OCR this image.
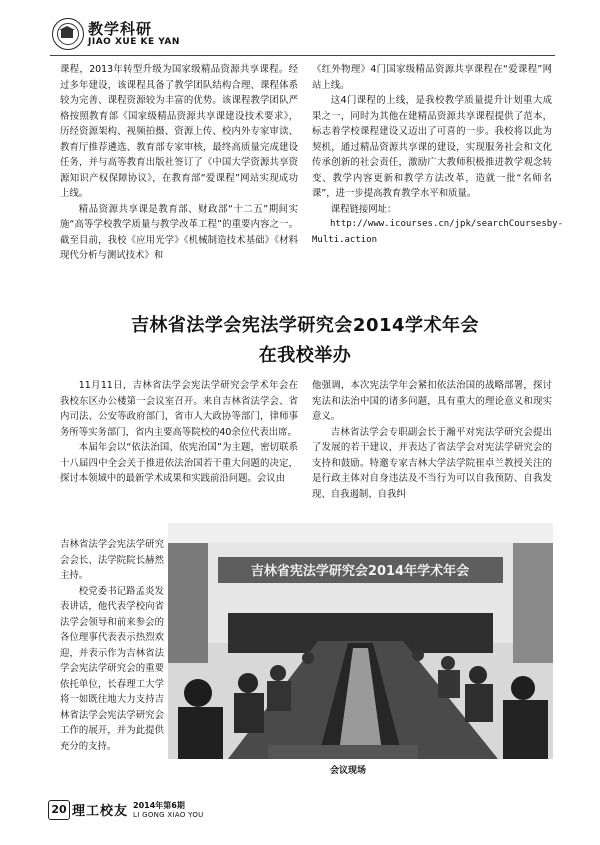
教学科研
JIAO XUE KE YAN

课程，2013年转型升级为国家级精品资源共享课程。经过多年建设，该课程具备了教学团队结构合理、课程体系较为完善、课程资源较为丰富的优势。该课程教学团队严格按照教育部《国家级精品资源共享课建设技术要求》，历经资源架构、视频拍摄、资源上传、校内外专家审读、教育厅推荐遴选、教育部专家审核，最终高质量完成建设任务，并与高等教育出版社签订了《中国大学资源共享资源知识产权保障协议》，在教育部“爱课程”网站实现成功上线。

精品资源共享课是教育部、财政部“十二五”期间实施“高等学校教学质量与教学改革工程”的重要内容之一。截至目前，我校《应用光学》《机械制造技术基础》《材料现代分析与测试技术》和

《红外物理》4门国家级精品资源共享课程在“爱课程”网站上线。

这4门课程的上线，是我校教学质量提升计划重大成果之一，同时为其他在建精品资源共享课程提供了范本，标志着学校课程建设又迈出了可喜的一步。我校将以此为契机，通过精品资源共享课的建设，实现服务社会和文化传承创新的社会责任，激励广大教师积极推进教学观念转变、教学内容更新和教学方法改革，造就一批“名师名课”，进一步提高教育教学水平和质量。

课程链接网址：

http://www.icourses.cn/jpk/searchCoursesby-Multi.action

吉林省法学会宪法学研究会2014学术年会
在我校举办

11月11日，吉林省法学会宪法学研究会学术年会在我校东区办公楼第一会议室召开。来自吉林省法学会、省内司法、公安等政府部门，省市人大政协等部门，律师事务所等实务部门，省内主要高等院校的40余位代表出席。

本届年会以“依法治国、依宪治国”为主题，密切联系十八届四中全会关于推进依法治国若干重大问题的决定，探讨本领域中的最新学术成果和实践前沿问题。会议由

吉林省法学会宪法学研究会会长、法学院院长赫然主持。

校党委书记路孟炎发表讲话，他代表学校向省法学会领导和前来参会的各位理事代表表示热烈欢迎，并表示作为吉林省法学会宪法学研究会的重要依托单位，长春理工大学将一如既往地大力支持吉林省法学会宪法学研究会工作的展开，并为此提供充分的支持。

他强调，本次宪法学年会紧扣依法治国的战略部署，探讨宪法和法治中国的诸多问题，具有重大的理论意义和现实意义。

吉林省法学会专职副会长于瀚平对宪法学研究会提出了发展的若干建议，并表达了省法学会对宪法学研究会的支持和鼓励。特邀专家吉林大学法学院崔卓兰教授关注的是行政主体对自身违法及不当行为可以自我预防、自我发现、自我遏制、自我纠

吉林省宪法学研究会2014年学术年会
会议现场
20 理工校友 2014年第6期
LI GONG XIAO YOU
